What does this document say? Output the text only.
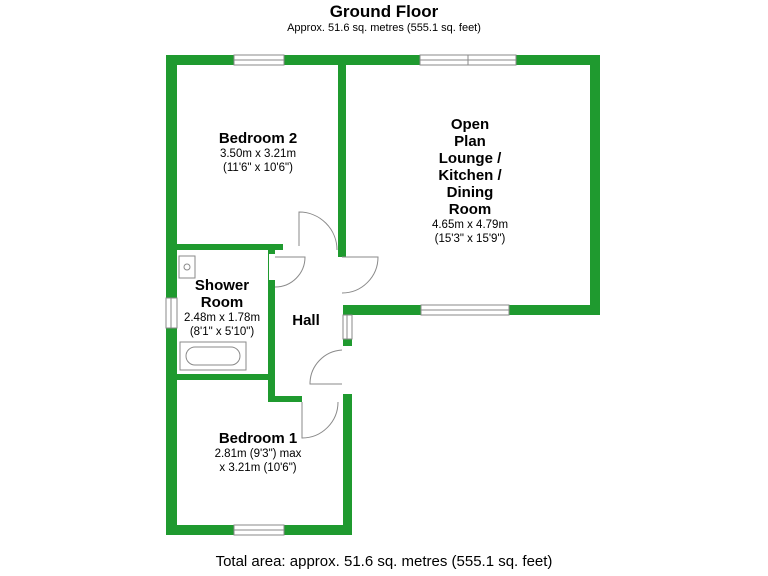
Ground Floor
Approx. 51.6 sq. metres (555.1 sq. feet)
Bedroom 2
3.50m x 3.21m
(11'6" x 10'6")
Open
Plan
Lounge /
Kitchen /
Dining
Room
4.65m x 4.79m
(15'3" x 15'9")
Shower
Room
2.48m x 1.78m
(8'1" x 5'10")
Hall
Bedroom 1
2.81m (9'3") max
x 3.21m (10'6")
Total area: approx. 51.6 sq. metres (555.1 sq. feet)
